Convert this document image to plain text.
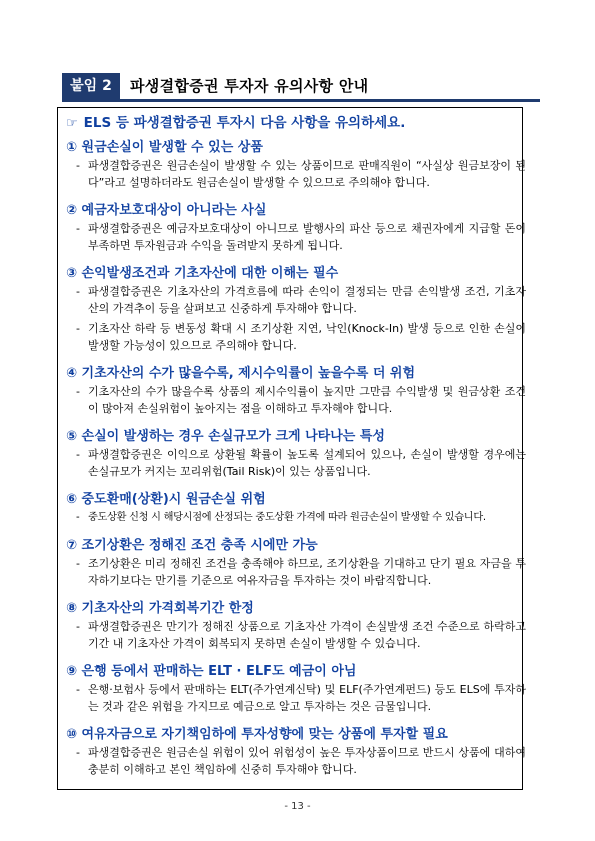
붙임 2	파생결합증권 투자자 유의사항 안내
☞ ELS 등 파생결합증권 투자시 다음 사항을 유의하세요.
① 원금손실이 발생할 수 있는 상품
- 파생결합증권은 원금손실이 발생할 수 있는 상품이므로 판매직원이 “사실상 원금보장이 된다”라고 설명하더라도 원금손실이 발생할 수 있으므로 주의해야 합니다.
② 예금자보호대상이 아니라는 사실
- 파생결합증권은 예금자보호대상이 아니므로 발행사의 파산 등으로 채권자에게 지급할 돈이 부족하면 투자원금과 수익을 돌려받지 못하게 됩니다.
③ 손익발생조건과 기초자산에 대한 이해는 필수
- 파생결합증권은 기초자산의 가격흐름에 따라 손익이 결정되는 만큼 손익발생 조건, 기초자산의 가격추이 등을 살펴보고 신중하게 투자해야 합니다.
- 기초자산 하락 등 변동성 확대 시 조기상환 지연, 낙인(Knock-In) 발생 등으로 인한 손실이 발생할 가능성이 있으므로 주의해야 합니다.
④ 기초자산의 수가 많을수록, 제시수익률이 높을수록 더 위험
- 기초자산의 수가 많을수록 상품의 제시수익률이 높지만 그만큼 수익발생 및 원금상환 조건이 많아져 손실위험이 높아지는 점을 이해하고 투자해야 합니다.
⑤ 손실이 발생하는 경우 손실규모가 크게 나타나는 특성
- 파생결합증권은 이익으로 상환될 확률이 높도록 설계되어 있으나, 손실이 발생할 경우에는 손실규모가 커지는 꼬리위험(Tail Risk)이 있는 상품입니다.
⑥ 중도환매(상환)시 원금손실 위험
- 중도상환 신청 시 해당시점에 산정되는 중도상환 가격에 따라 원금손실이 발생할 수 있습니다.
⑦ 조기상환은 정해진 조건 충족 시에만 가능
- 조기상환은 미리 정해진 조건을 충족해야 하므로, 조기상환을 기대하고 단기 필요 자금을 투자하기보다는 만기를 기준으로 여유자금을 투자하는 것이 바람직합니다.
⑧ 기초자산의 가격회복기간 한정
- 파생결합증권은 만기가 정해진 상품으로 기초자산 가격이 손실발생 조건 수준으로 하락하고 기간 내 기초자산 가격이 회복되지 못하면 손실이 발생할 수 있습니다.
⑨ 은행 등에서 판매하는 ELT · ELF도 예금이 아님
- 은행·보험사 등에서 판매하는 ELT(주가연계신탁) 및 ELF(주가연계펀드) 등도 ELS에 투자하는 것과 같은 위험을 가지므로 예금으로 알고 투자하는 것은 금물입니다.
⑩ 여유자금으로 자기책임하에 투자성향에 맞는 상품에 투자할 필요
- 파생결합증권은 원금손실 위험이 있어 위험성이 높은 투자상품이므로 반드시 상품에 대하여 충분히 이해하고 본인 책임하에 신중히 투자해야 합니다.
- 13 -
